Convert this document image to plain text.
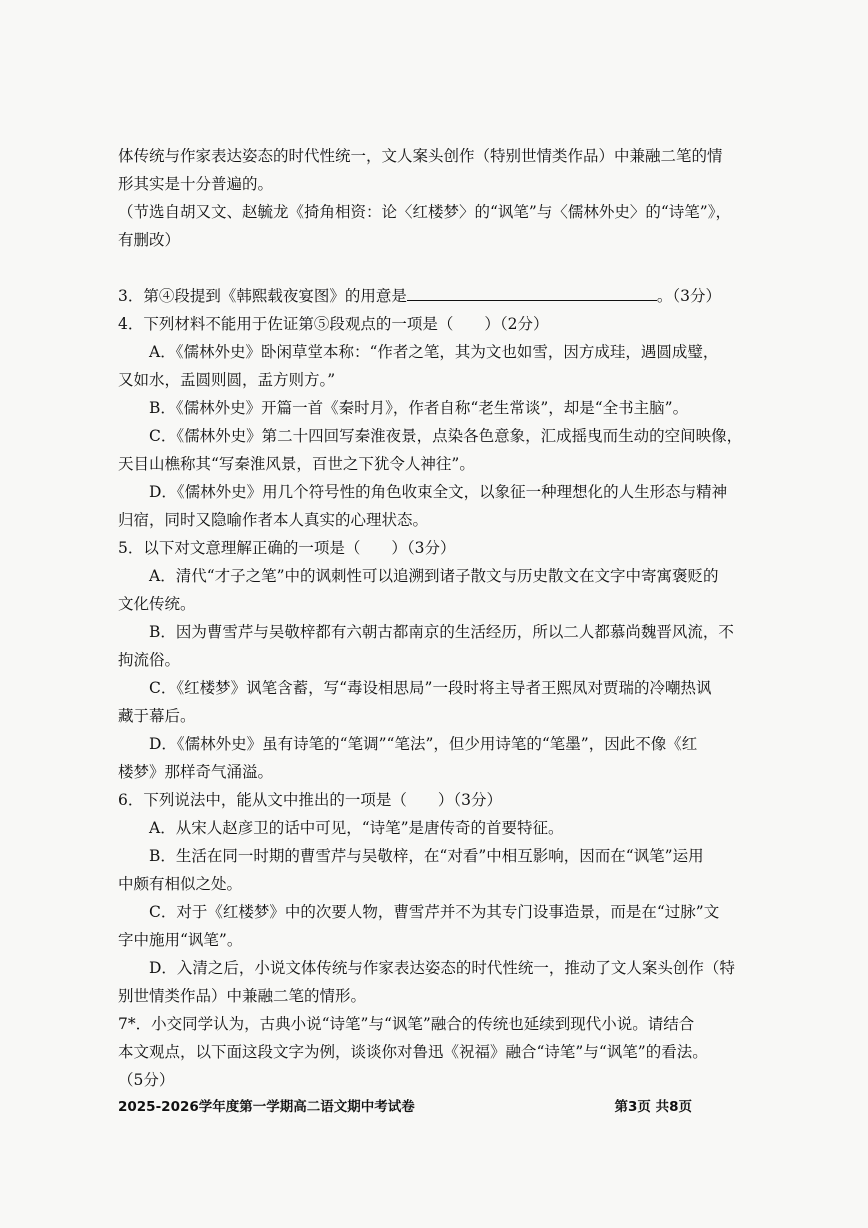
体传统与作家表达姿态的时代性统一，文人案头创作（特别世情类作品）中兼融二笔的情

形其实是十分普遍的。

（节选自胡又文、赵毓龙《掎角相资：论〈红楼梦〉的“讽笔”与〈儒林外史〉的“诗笔”》，

有删改）

3．第④段提到《韩熙载夜宴图》的用意是	。（3分）

4．下列材料不能用于佐证第⑤段观点的一项是（　　）（2分）

A．《儒林外史》卧闲草堂本称：“作者之笔，其为文也如雪，因方成珪，遇圆成璧，

又如水，盂圆则圆，盂方则方。”

B．《儒林外史》开篇一首《秦时月》，作者自称“老生常谈”，却是“全书主脑”。

C．《儒林外史》第二十四回写秦淮夜景，点染各色意象，汇成摇曳而生动的空间映像，

天目山樵称其“写秦淮风景，百世之下犹令人神往”。

D．《儒林外史》用几个符号性的角色收束全文，以象征一种理想化的人生形态与精神

归宿，同时又隐喻作者本人真实的心理状态。

5．以下对文意理解正确的一项是（　　）（3分）

A．清代“才子之笔”中的讽刺性可以追溯到诸子散文与历史散文在文字中寄寓褒贬的

文化传统。

B．因为曹雪芹与吴敬梓都有六朝古都南京的生活经历，所以二人都慕尚魏晋风流，不

拘流俗。

C．《红楼梦》讽笔含蓄，写“毒设相思局”一段时将主导者王熙凤对贾瑞的冷嘲热讽

藏于幕后。

D．《儒林外史》虽有诗笔的“笔调”“笔法”，但少用诗笔的“笔墨”，因此不像《红

楼梦》那样奇气涌溢。

6．下列说法中，能从文中推出的一项是（　　）（3分）

A．从宋人赵彦卫的话中可见，“诗笔”是唐传奇的首要特征。

B．生活在同一时期的曹雪芹与吴敬梓，在“对看”中相互影响，因而在“讽笔”运用

中颇有相似之处。

C．对于《红楼梦》中的次要人物，曹雪芹并不为其专门设事造景，而是在“过脉”文

字中施用“讽笔”。

D．入清之后，小说文体传统与作家表达姿态的时代性统一，推动了文人案头创作（特

别世情类作品）中兼融二笔的情形。

7*．小交同学认为，古典小说“诗笔”与“讽笔”融合的传统也延续到现代小说。请结合

本文观点，以下面这段文字为例，谈谈你对鲁迅《祝福》融合“诗笔”与“讽笔”的看法。

（5分）

2025-2026学年度第一学期高二语文期中考试卷	第3页 共8页
